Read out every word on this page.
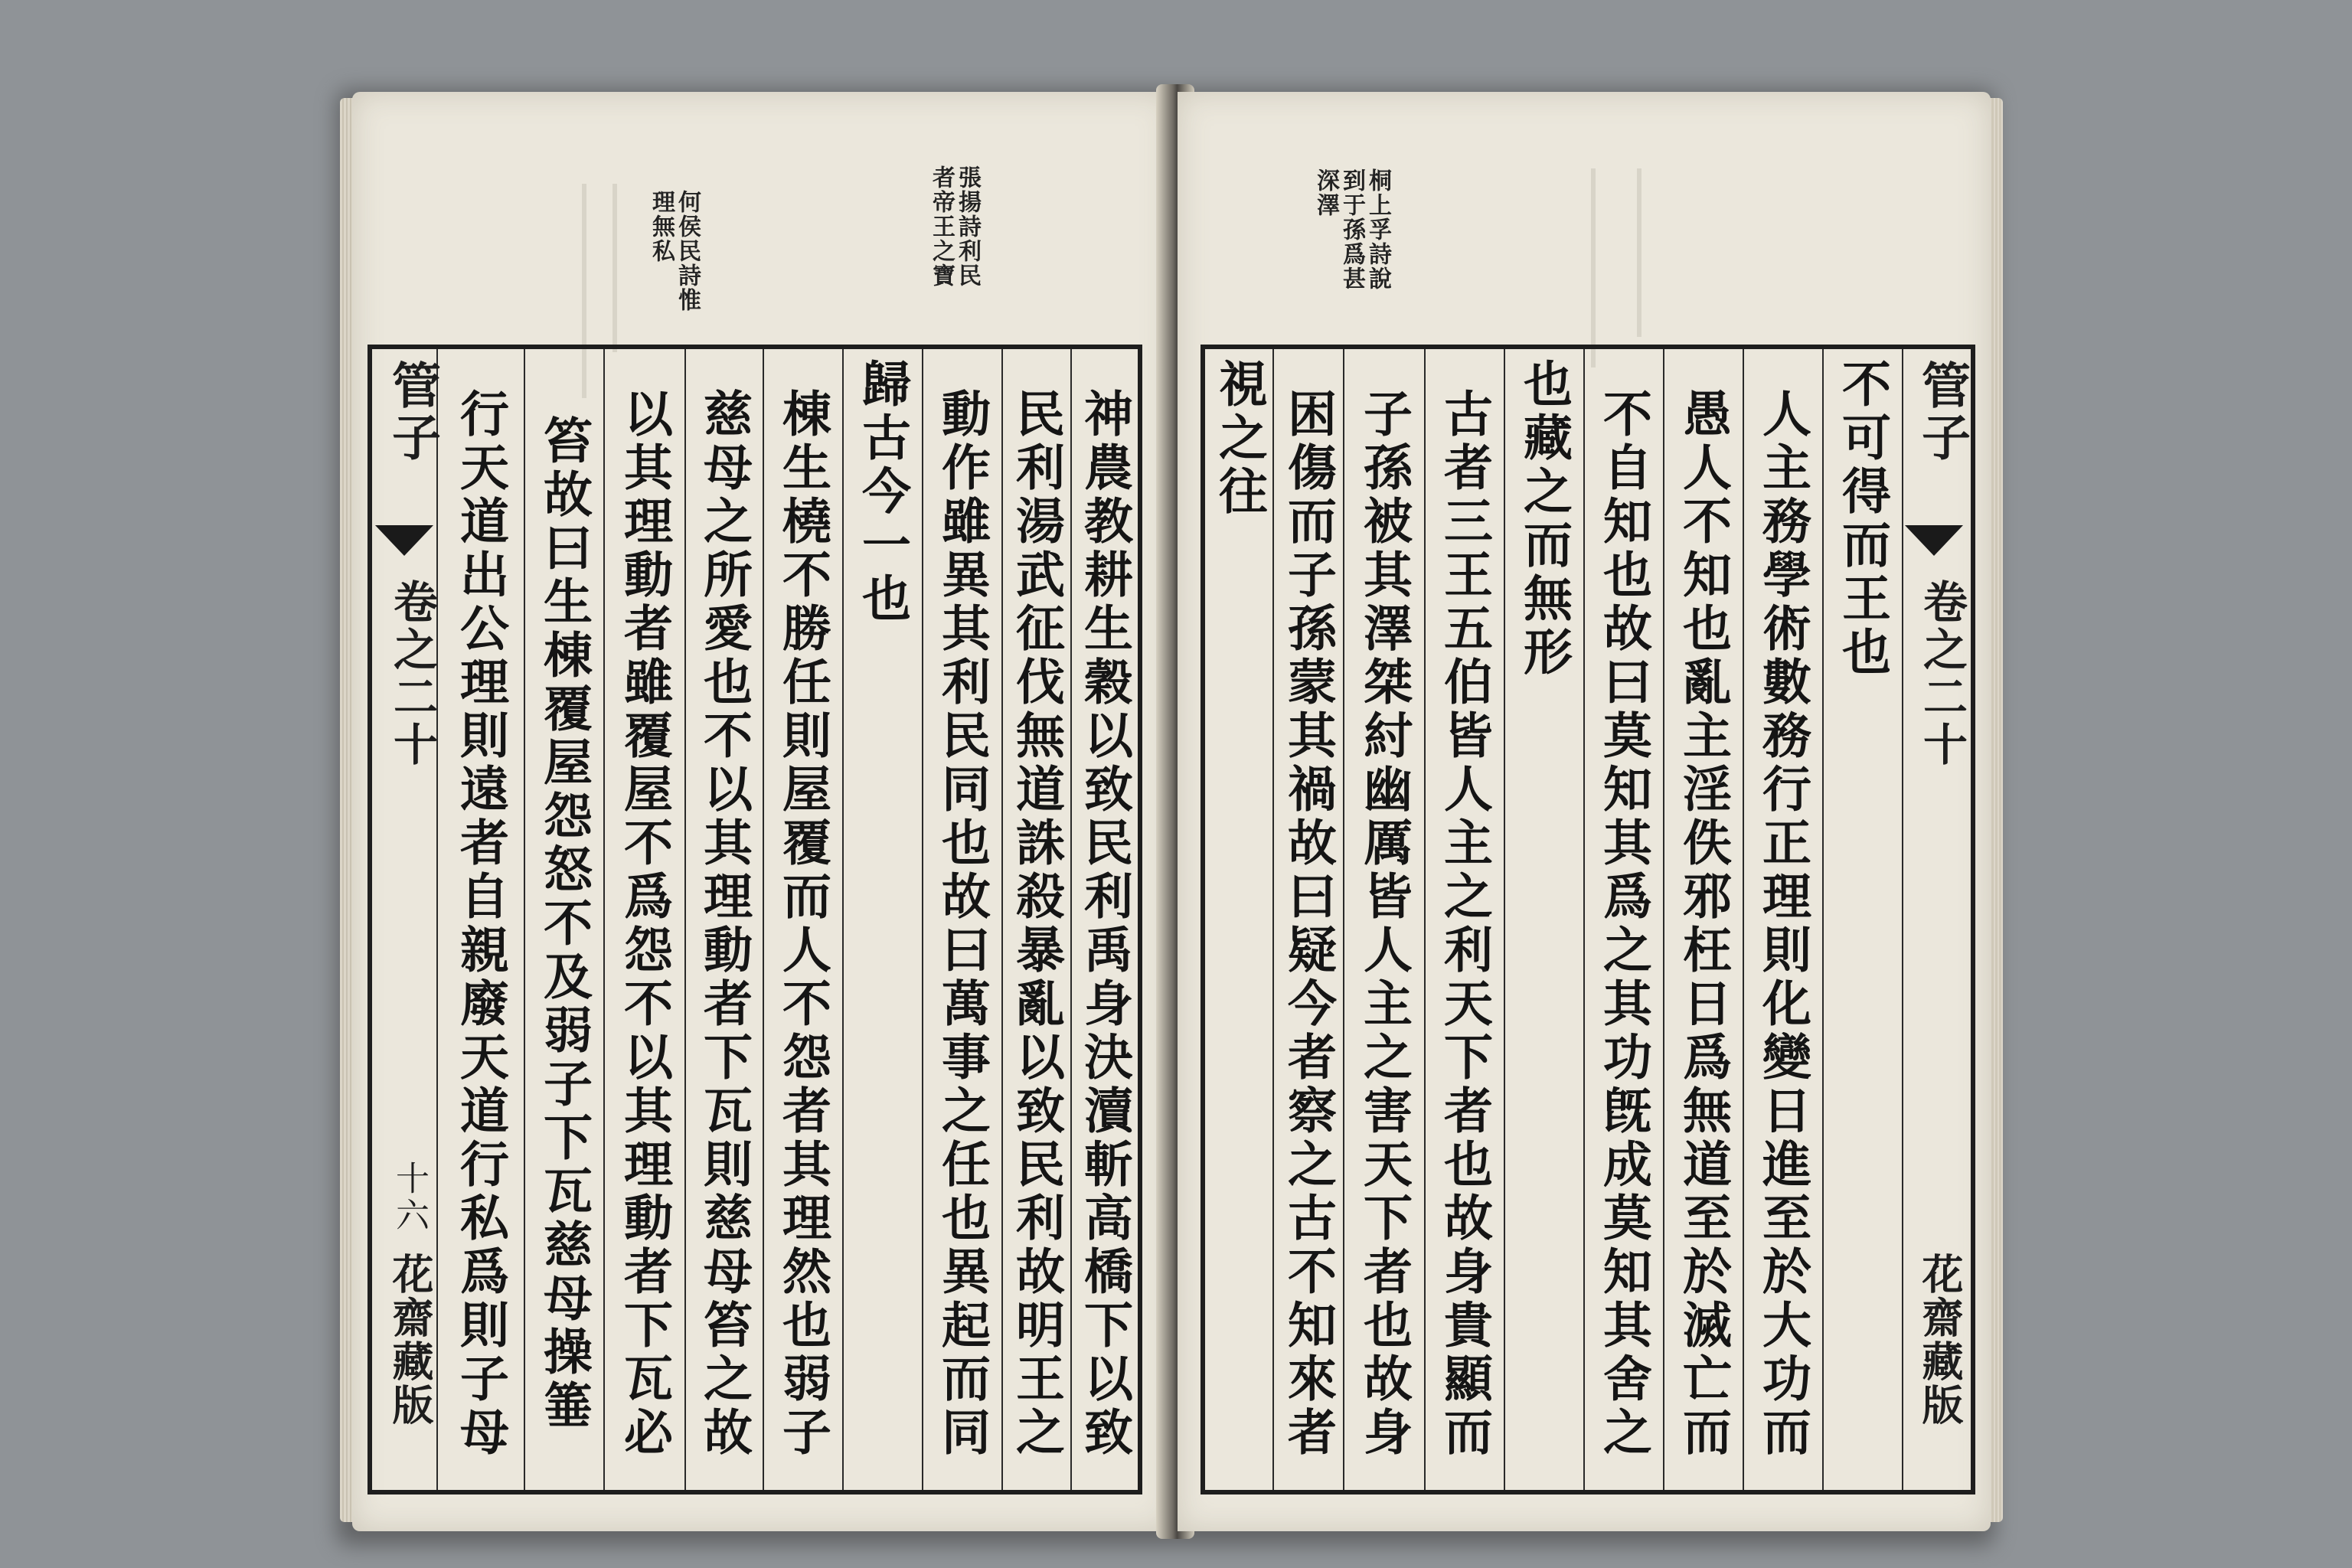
張揚詩利民
者帝王之寶
何侯民詩惟
理無私
管子
卷之二十
十六
花齋藏版	神農教耕生穀以致民利禹身決瀆斬高橋下以致
民利湯武征伐無道誅殺暴亂以致民利故明王之
動作雖異其利民同也故曰萬事之任也異起而同
歸古今一也
棟生橈不勝任則屋覆而人不怨者其理然也弱子
慈母之所愛也不以其理動者下瓦則慈母笞之故
以其理動者雖覆屋不爲怨不以其理動者下瓦必
笞故曰生棟覆屋怨怒不及弱子下瓦慈母操箠
行天道出公理則遠者自親廢天道行私爲則子母
桐上孚詩說
到于孫爲甚
深澤
管子
卷之二十
花齋藏版
不可得而王也
人主務學術數務行正理則化變日進至於大功而
愚人不知也亂主淫佚邪枉日爲無道至於滅亡而
不自知也故曰莫知其爲之其功旣成莫知其舍之
也藏之而無形
古者三王五伯皆人主之利天下者也故身貴顯而
子孫被其澤桀紂幽厲皆人主之害天下者也故身
困傷而子孫蒙其禍故曰疑今者察之古不知來者
視之往
